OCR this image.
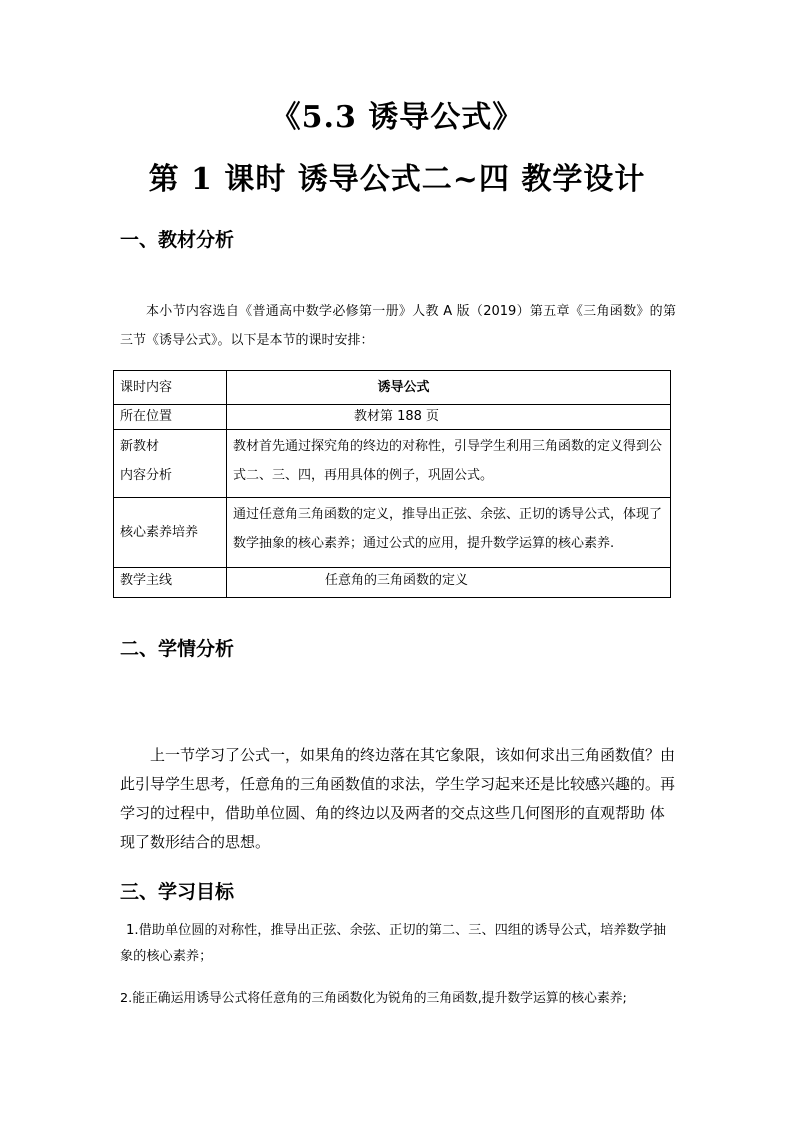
《5.3 诱导公式》
第 1 课时 诱导公式二~四 教学设计
一、教材分析
本小节内容选自《普通高中数学必修第一册》人教 A 版（2019）第五章《三角函数》的第三节《诱导公式》。以下是本节的课时安排：
课时内容	诱导公式
所在位置	教材第 188 页
新教材
内容分析	教材首先通过探究角的终边的对称性，引导学生利用三角函数的定义得到公式二、三、四，再用具体的例子，巩固公式。
核心素养培养	通过任意角三角函数的定义，推导出正弦、余弦、正切的诱导公式，体现了数学抽象的核心素养；通过公式的应用，提升数学运算的核心素养.
教学主线	任意角的三角函数的定义
二、学情分析
上一节学习了公式一，如果角的终边落在其它象限，该如何求出三角函数值？由此引导学生思考，任意角的三角函数值的求法，学生学习起来还是比较感兴趣的。再学习的过程中，借助单位圆、角的终边以及两者的交点这些几何图形的直观帮助 体现了数形结合的思想。
三、学习目标
1.借助单位圆的对称性，推导出正弦、余弦、正切的第二、三、四组的诱导公式，培养数学抽象的核心素养；
2.能正确运用诱导公式将任意角的三角函数化为锐角的三角函数,提升数学运算的核心素养;
